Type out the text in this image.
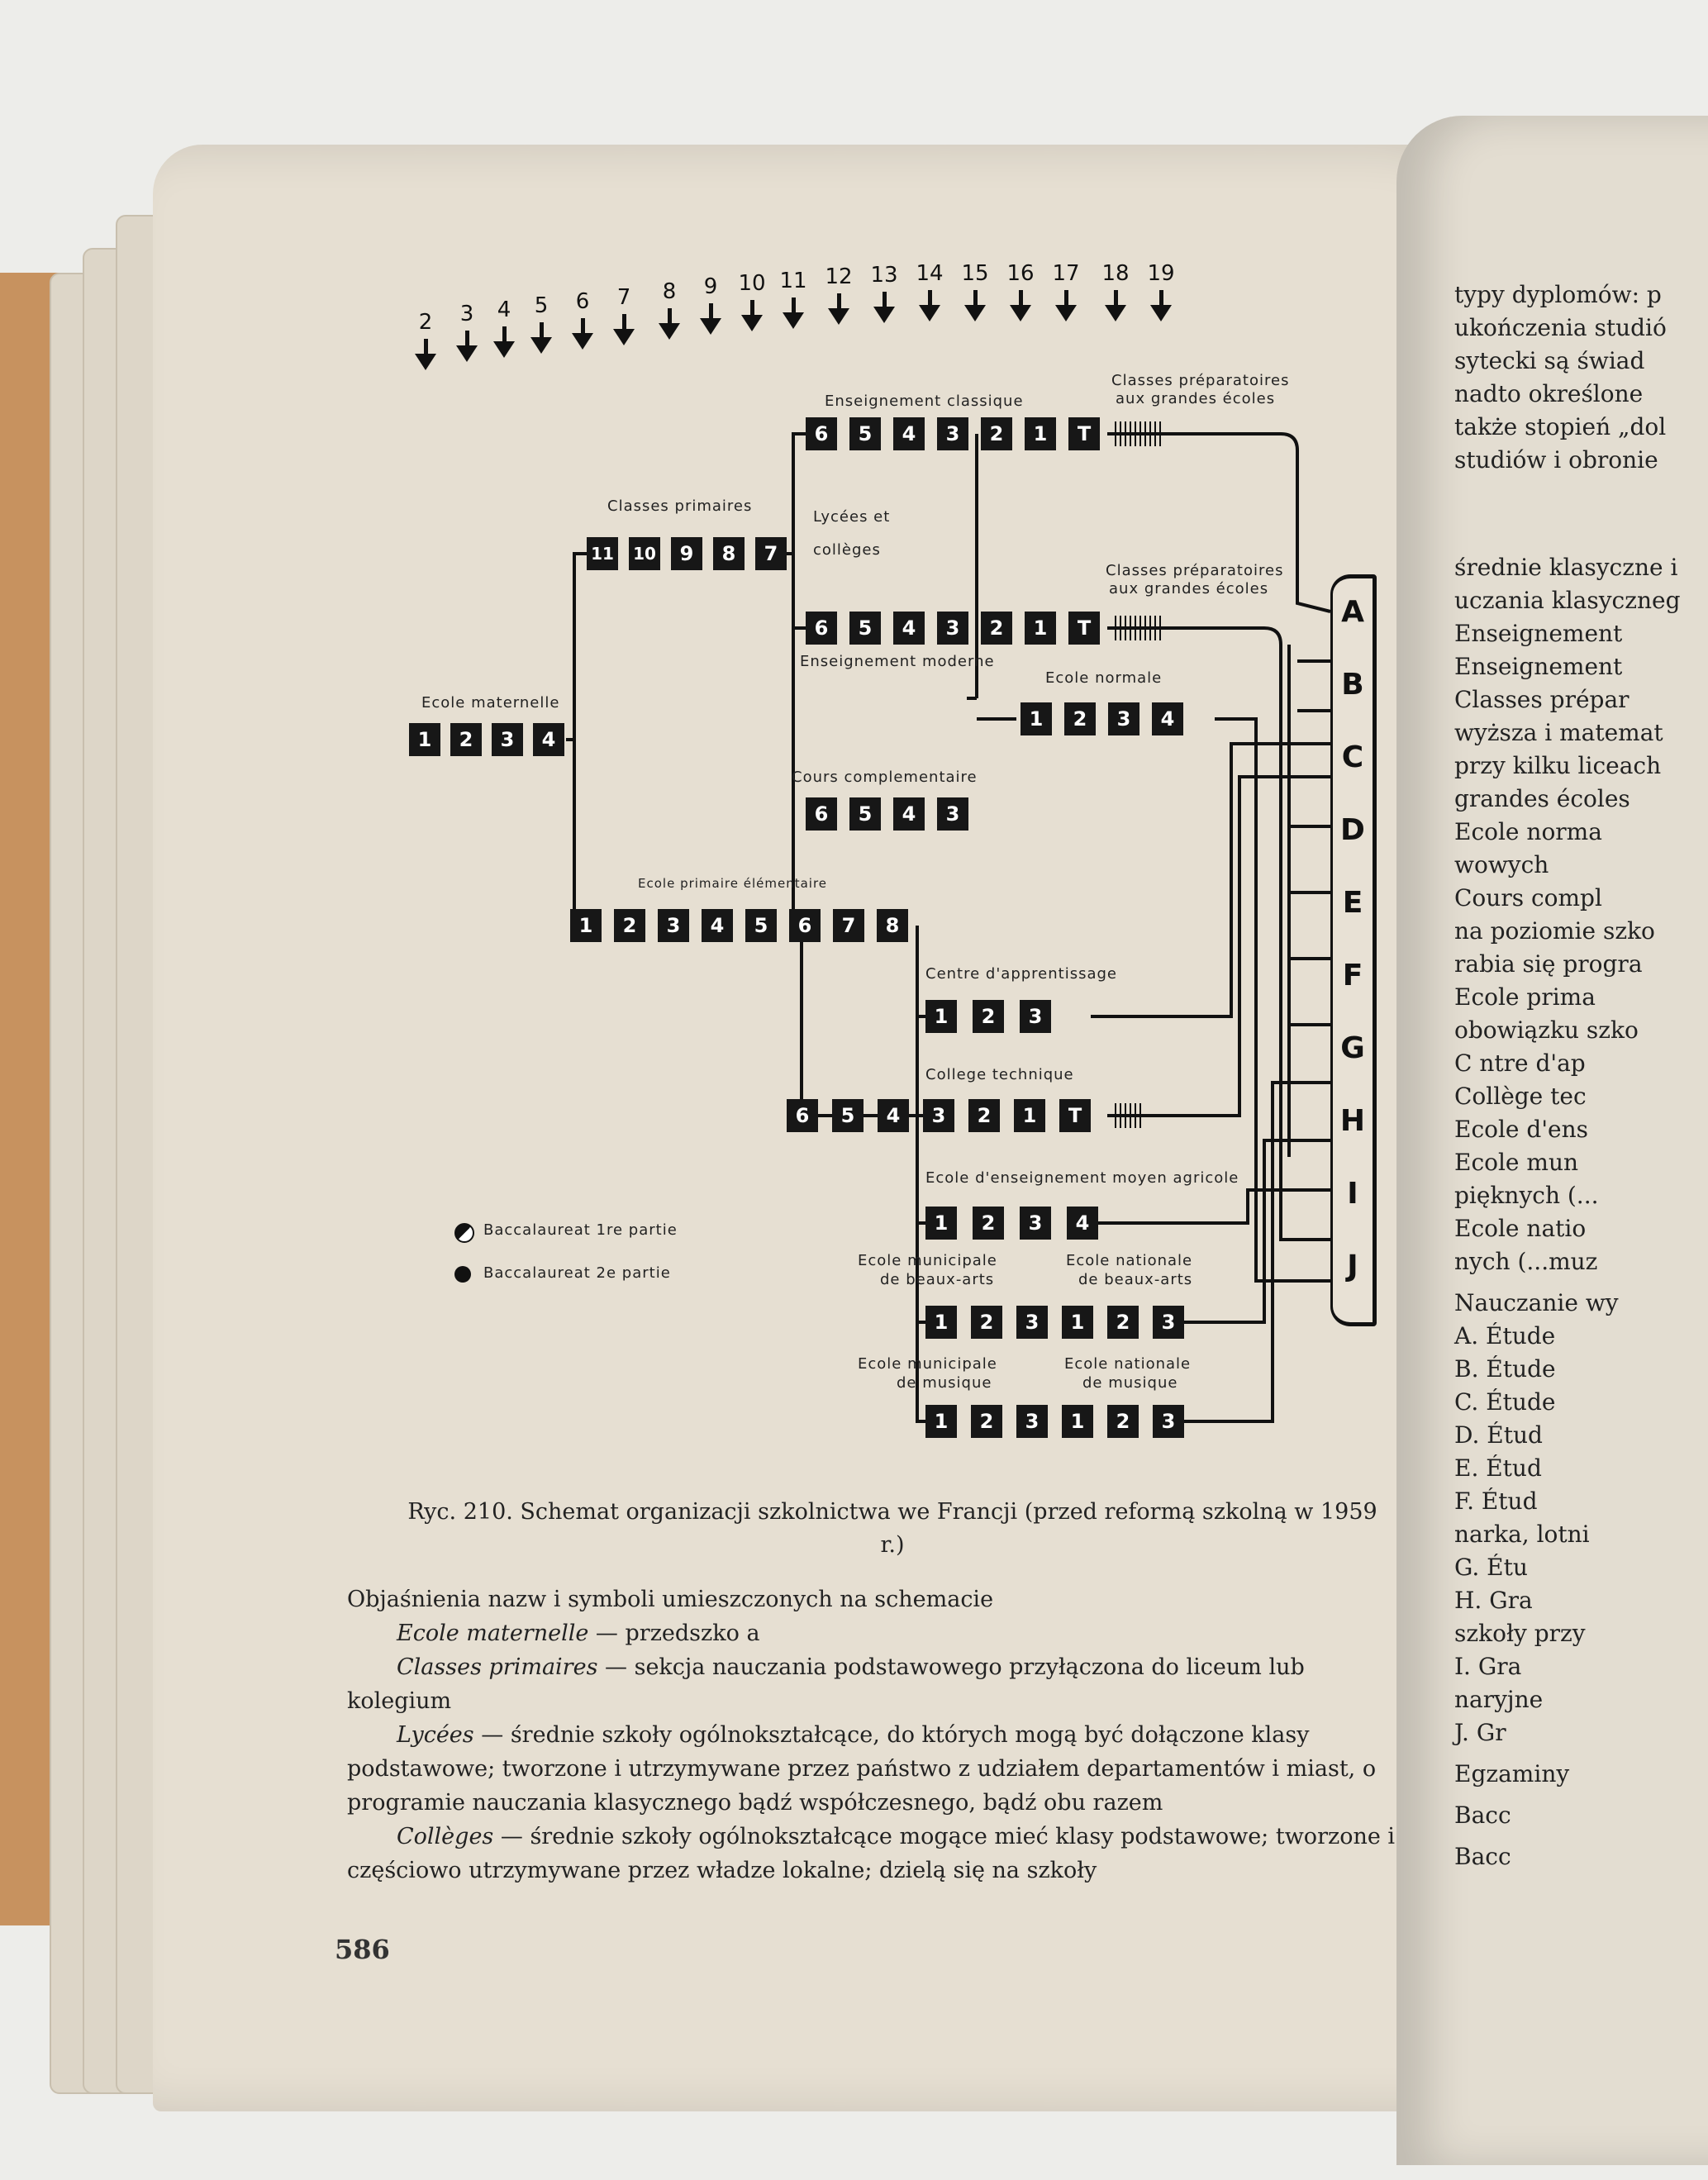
typy dyplomów: p
ukończenia studió
sytecki są świad
nadto określone
także stopień „dol
studiów i obronie
średnie klasyczne i
uczania klasyczneg
Enseignement
Enseignement
Classes prépar
wyższa i matemat
przy kilku liceach
grandes écoles
Ecole norma
wowych
Cours compl
na poziomie szko
rabia się progra
Ecole prima
obowiązku szko
C ntre d'ap
Collège tec
Ecole d'ens
Ecole mun
pięknych (...
Ecole natio
nych (...muz
Nauczanie wy
A. Étude
B. Étude
C. Étude
D. Étud
E. Étud
F. Étud
narka, lotni
G. Étu
H. Gra
szkoły przy
I. Gra
naryjne
J. Gr
Egzaminy
Bacc
Bacc
2	3	4	5	6	7	8	9 10 11 12 13 14 15 16 17 18 19
6	5	4	3	2	1	T
11 10	9	8	7
6	5	4	3	2	1	T
1	2	3	4
1	2	3	4
6	5	4	3
1	2	3	4	5	6	7	8
1	2	3
6	5	4	3	2	1	T
1	2	3	4
1	2	3	1	2	3
1	2	3	1	2	3
Enseignement classique
Classes préparatoires
aux grandes écoles
Classes primaires
Lycées et
collèges
Classes préparatoires
aux grandes écoles
Enseignement moderne
Ecole maternelle
Ecole normale
Cours complementaire
Ecole primaire élémentaire
Centre d'apprentissage
College technique
Ecole d'enseignement moyen agricole
Ecole municipale
de beaux-arts
Ecole nationale
de beaux-arts
Ecole municipale
de musique
Ecole nationale
de musique
Baccalaureat 1re partie
Baccalaureat 2e partie
A
B
C
D
E
F
G
H
I
J
Ryc. 210. Schemat organizacji szkolnictwa we Francji (przed reformą szkolną w 1959 r.)

Objaśnienia nazw i symboli umieszczonych na schemacie

Ecole maternelle — przedszko a

Classes primaires — sekcja nauczania podstawowego przyłączona do liceum lub kolegium

Lycées — średnie szkoły ogólnokształcące, do których mogą być dołączone klasy podstawowe; tworzone i utrzymywane przez państwo z udziałem departamentów i miast, o programie nauczania klasycznego bądź współczesnego, bądź obu razem

Collèges — średnie szkoły ogólnokształcące mogące mieć klasy podstawowe; tworzone i częściowo utrzymywane przez władze lokalne; dzielą się na szkoły

586
